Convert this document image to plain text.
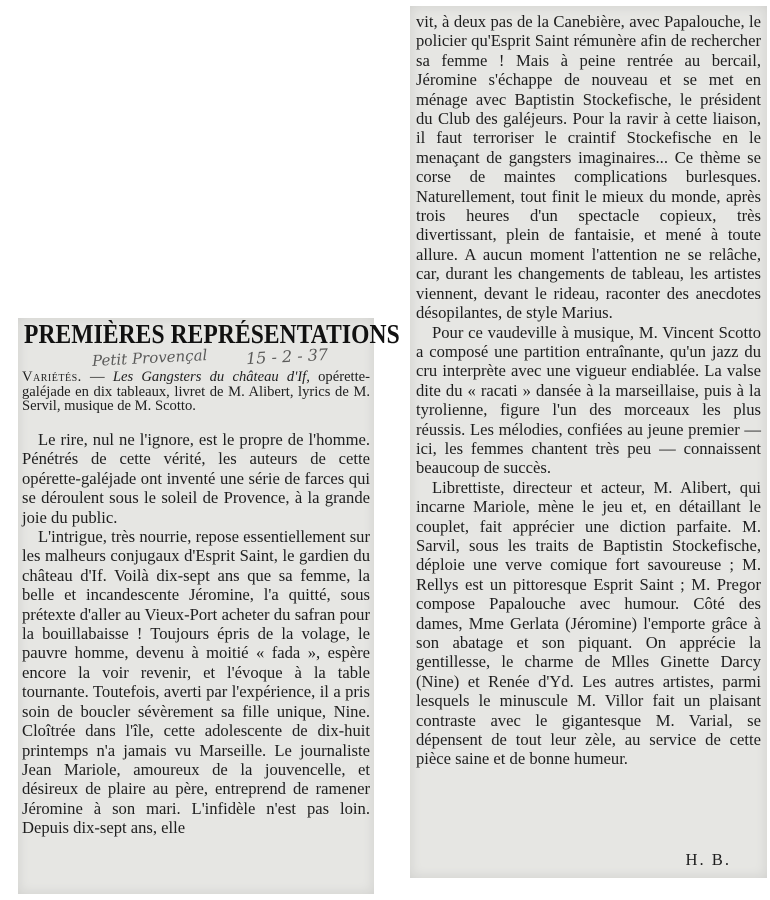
PREMIÈRES REPRÉSENTATIONS
Petit Provençal 15 - 2 - 37
Variétés. — Les Gangsters du château d'If, opérette-galéjade en dix tableaux, livret de M. Alibert, lyrics de M. Servil, musique de M. Scotto.

Le rire, nul ne l'ignore, est le propre de l'homme. Pénétrés de cette vérité, les auteurs de cette opérette-galéjade ont inventé une série de farces qui se déroulent sous le soleil de Provence, à la grande joie du public.

L'intrigue, très nourrie, repose essentiellement sur les malheurs conjugaux d'Esprit Saint, le gardien du château d'If. Voilà dix-sept ans que sa femme, la belle et incandescente Jéromine, l'a quitté, sous prétexte d'aller au Vieux-Port acheter du safran pour la bouillabaisse ! Toujours épris de la volage, le pauvre homme, devenu à moitié « fada », espère encore la voir revenir, et l'évoque à la table tournante. Toutefois, averti par l'expérience, il a pris soin de boucler sévèrement sa fille unique, Nine. Cloîtrée dans l'île, cette adolescente de dix-huit printemps n'a jamais vu Marseille. Le journaliste Jean Mariole, amoureux de la jouvencelle, et désireux de plaire au père, entreprend de ramener Jéromine à son mari. L'infidèle n'est pas loin. Depuis dix-sept ans, elle

vit, à deux pas de la Canebière, avec Papalouche, le policier qu'Esprit Saint rémunère afin de rechercher sa femme ! Mais à peine rentrée au bercail, Jéromine s'échappe de nouveau et se met en ménage avec Baptistin Stockefische, le président du Club des galéjeurs. Pour la ravir à cette liaison, il faut terroriser le craintif Stockefische en le menaçant de gangsters imaginaires... Ce thème se corse de maintes complications burlesques. Naturellement, tout finit le mieux du monde, après trois heures d'un spectacle copieux, très divertissant, plein de fantaisie, et mené à toute allure. A aucun moment l'attention ne se relâche, car, durant les changements de tableau, les artistes viennent, devant le rideau, raconter des anecdotes désopilantes, de style Marius.

Pour ce vaudeville à musique, M. Vincent Scotto a composé une partition entraînante, qu'un jazz du cru interprète avec une vigueur endiablée. La valse dite du « racati » dansée à la marseillaise, puis à la tyrolienne, figure l'un des morceaux les plus réussis. Les mélodies, confiées au jeune premier — ici, les femmes chantent très peu — connaissent beaucoup de succès.

Librettiste, directeur et acteur, M. Alibert, qui incarne Mariole, mène le jeu et, en détaillant le couplet, fait apprécier une diction parfaite. M. Sarvil, sous les traits de Baptistin Stockefische, déploie une verve comique fort savoureuse ; M. Rellys est un pittoresque Esprit Saint ; M. Pregor compose Papalouche avec humour. Côté des dames, Mme Gerlata (Jéromine) l'emporte grâce à son abatage et son piquant. On apprécie la gentillesse, le charme de Mlles Ginette Darcy (Nine) et Renée d'Yd. Les autres artistes, parmi lesquels le minuscule M. Villor fait un plaisant contraste avec le gigantesque M. Varial, se dépensent de tout leur zèle, au service de cette pièce saine et de bonne humeur.

H. B.
